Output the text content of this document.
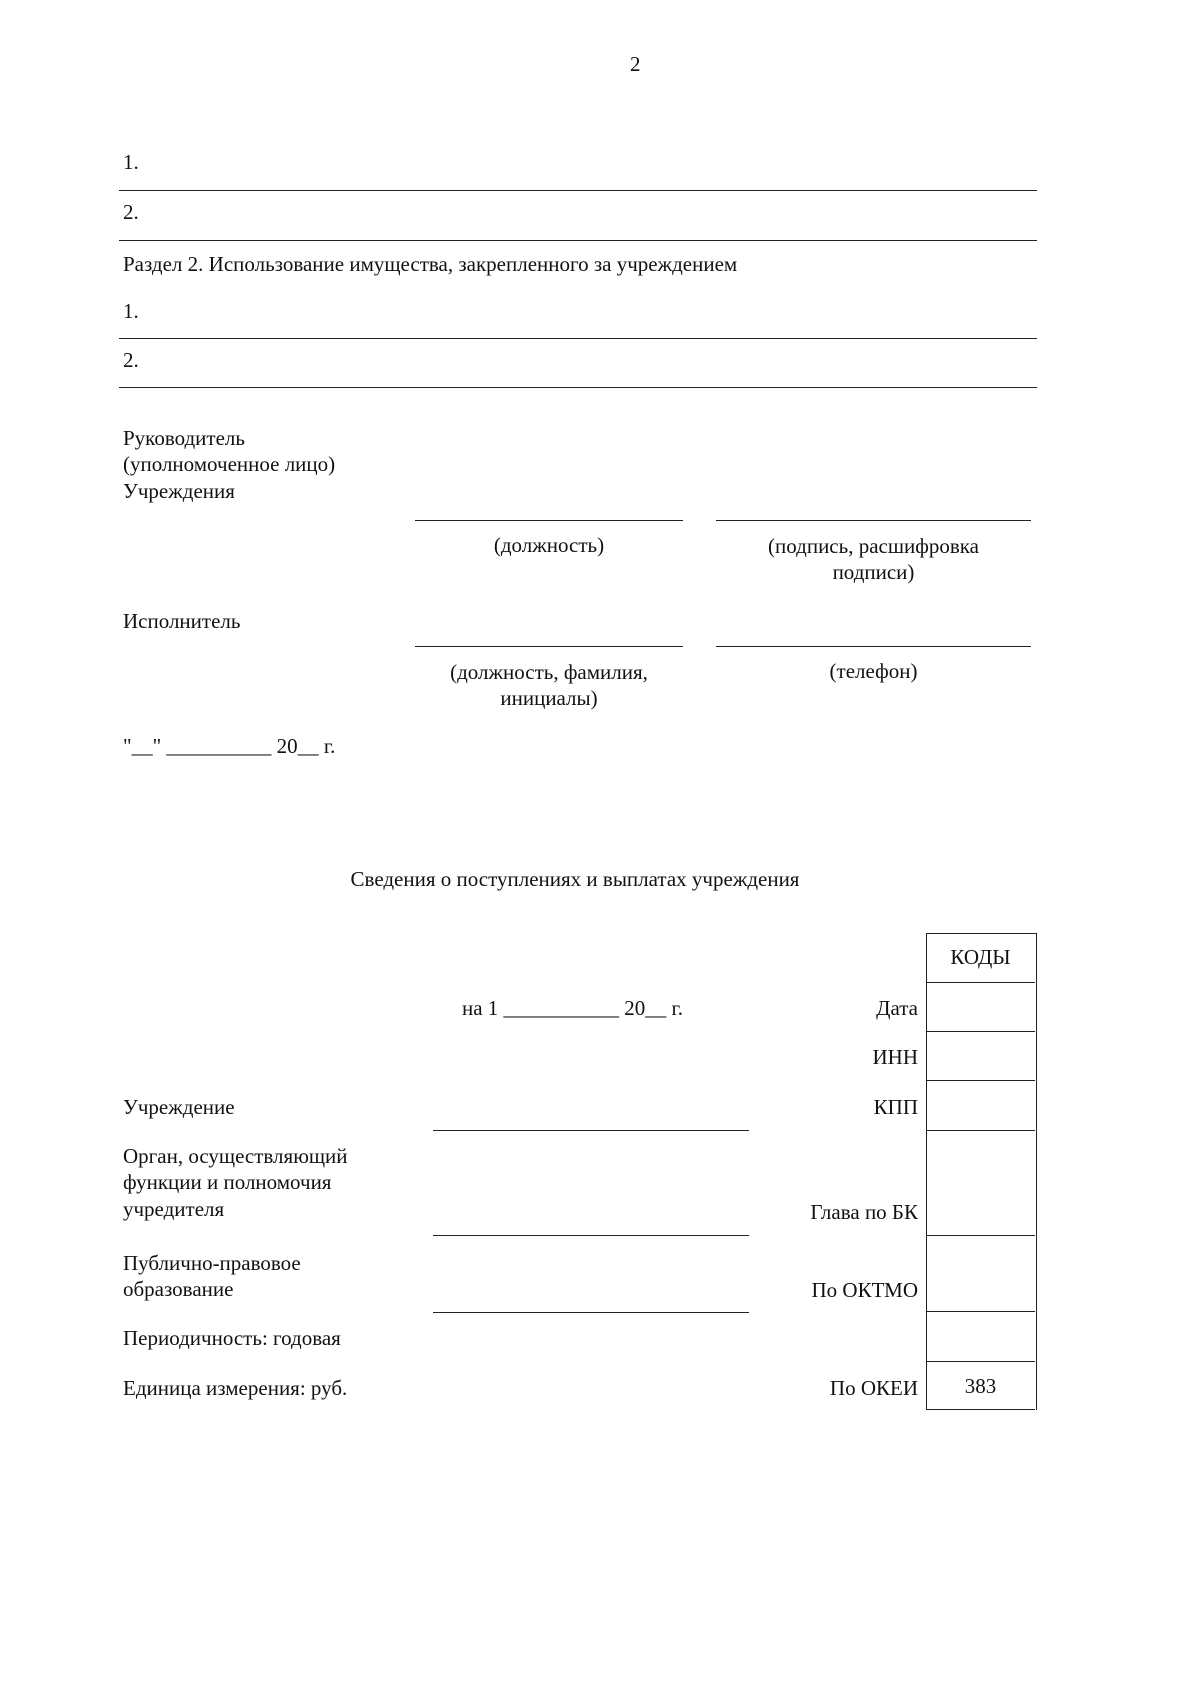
2
1.
2.
Раздел 2. Использование имущества, закрепленного за учреждением
1.
2.
Руководитель
(уполномоченное лицо)
Учреждения
(должность)	(подпись, расшифровка
подписи)
Исполнитель
(должность, фамилия,
инициалы)
(телефон)
"__" __________ 20__ г.
Сведения о поступлениях и выплатах учреждения
КОДЫ
383
на 1 ___________ 20__ г.	Дата
ИНН
КПП
Глава по БК
По ОКТМО
По ОКЕИ
Учреждение
Орган, осуществляющий
функции и полномочия
учредителя
Публично-правовое
образование
Периодичность: годовая
Единица измерения: руб.
